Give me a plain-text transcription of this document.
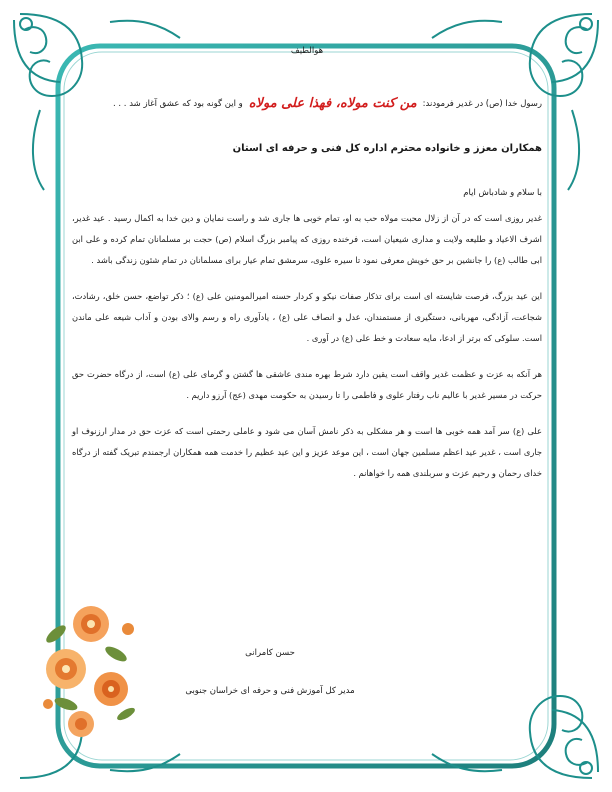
هوالطیف
رسول خدا (ص) در غدیر فرمودند:
من کنت مولاه، فهذا علی مولاه
و این گونه بود که عشق آغاز شد . . .
همکاران معزز و خانواده محترم اداره کل فنی و حرفه ای استان
با سلام و شادباش ایام

غدیر روزی است که در آن از زلال محبت مولاه حب به او، تمام خوبی ها جاری شد و راست نمایان و دین خدا به اکمال رسید . عید غدیر، اشرف الاعیاد و طلیعه ولایت و مداری شیعیان است، فرخنده روزی که پیامبر بزرگ اسلام (ص) حجت بر مسلمانان تمام کرده و علی ابن ابی طالب (ع) را جانشین بر حق خویش معرفی نمود تا سیره علوی، سرمشق تمام عیار برای مسلمانان در تمام شئون زندگی باشد .

این عید بزرگ، فرصت شایسته ای است برای تذکار صفات نیکو و کردار حسنه امیرالمومنین علی (ع) ؛ ذکر تواضع، حسن خلق، رشادت، شجاعت، آزادگی، مهربانی، دستگیری از مستمندان، عدل و انصاف علی (ع) ، یادآوری راه و رسم والای بودن و آداب شیعه علی ماندن است. سلوکی که برتر از ادعا، مایه سعادت و خط علی (ع) در آوری .

هر آنکه به عزت و عظمت غدیر واقف است یقین دارد شرط بهره مندی عاشقی ها گشتن و گرمای علی (ع) است، از درگاه حضرت حق حرکت در مسیر غدیر با عالیم ناب رفتار علوی و فاطمی را تا رسیدن به حکومت مهدی (عج) آرزو داریم .

علی (ع) سر آمد همه خوبی ها است و هر مشکلی به ذکر نامش آسان می شود و عاملی رحمتی است که عزت حق در مدار ارزنوف او جاری است ، غدیر عید اعظم مسلمین جهان است ، این موعد عزیز و این عید عظیم را خدمت همه همکاران ارجمندم تبریک گفته از درگاه خدای رحمان و رحیم عزت و سربلندی همه را خواهانم .

حسن کامرانی
مدیر کل آموزش فنی و حرفه ای خراسان جنوبی
